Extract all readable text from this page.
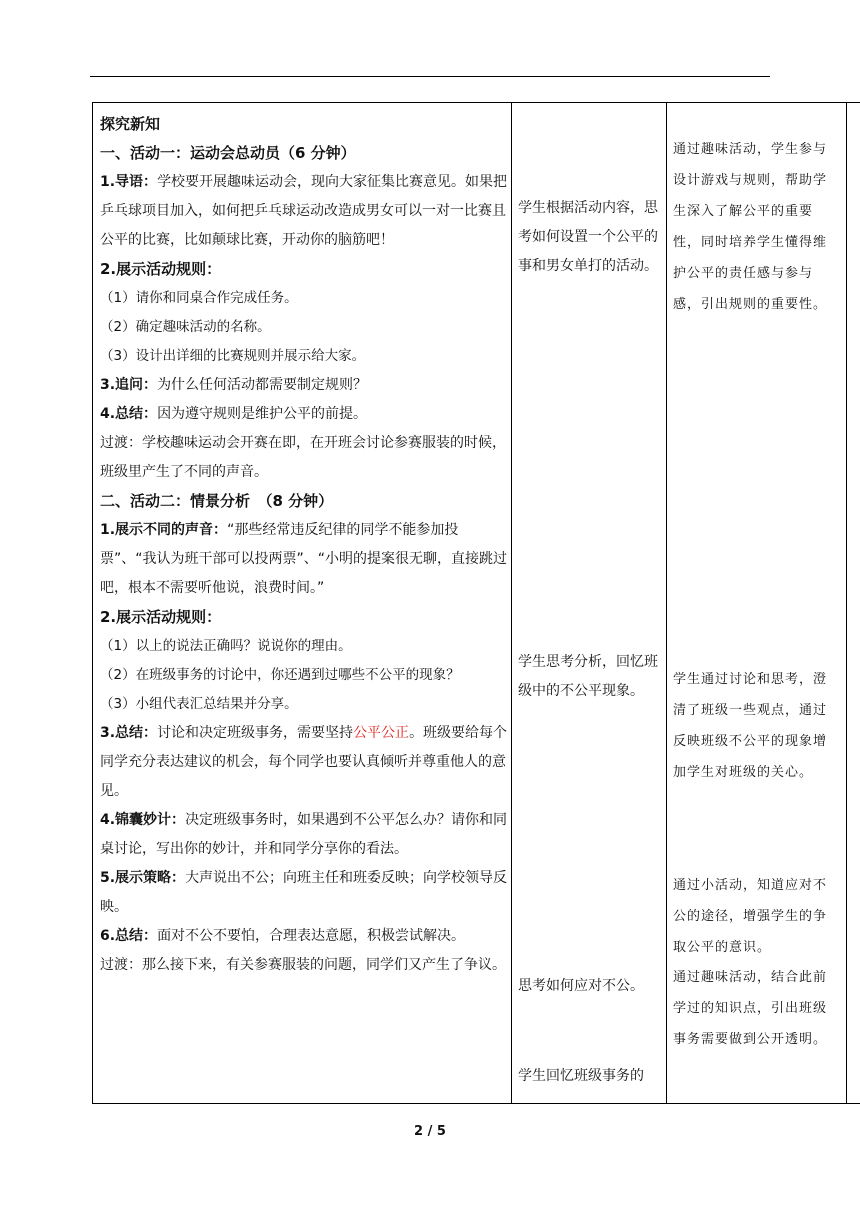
探究新知

一、活动一：运动会总动员（6 分钟）

1.导语：学校要开展趣味运动会，现向大家征集比赛意见。如果把乒乓球项目加入，如何把乒乓球运动改造成男女可以一对一比赛且公平的比赛，比如颠球比赛，开动你的脑筋吧！

2.展示活动规则：

（1）请你和同桌合作完成任务。

（2）确定趣味活动的名称。

（3）设计出详细的比赛规则并展示给大家。

3.追问：为什么任何活动都需要制定规则？

4.总结：因为遵守规则是维护公平的前提。

过渡：学校趣味运动会开赛在即，在开班会讨论参赛服装的时候，班级里产生了不同的声音。

二、活动二：情景分析　（8 分钟）

1.展示不同的声音：“那些经常违反纪律的同学不能参加投票”、“我认为班干部可以投两票”、“小明的提案很无聊，直接跳过吧，根本不需要听他说，浪费时间。”

2.展示活动规则：

（1）以上的说法正确吗？说说你的理由。

（2）在班级事务的讨论中，你还遇到过哪些不公平的现象？

（3）小组代表汇总结果并分享。

3.总结：讨论和决定班级事务，需要坚持公平公正。班级要给每个同学充分表达建议的机会，每个同学也要认真倾听并尊重他人的意见。

4.锦囊妙计：决定班级事务时，如果遇到不公平怎么办？请你和同桌讨论，写出你的妙计，并和同学分享你的看法。

5.展示策略：大声说出不公；向班主任和班委反映；向学校领导反映。

6.总结：面对不公不要怕，合理表达意愿，积极尝试解决。

过渡：那么接下来，有关参赛服装的问题，同学们又产生了争议。

学生根据活动内容，思考如何设置一个公平的事和男女单打的活动。

学生思考分析，回忆班级中的不公平现象。

思考如何应对不公。

学生回忆班级事务的

通过趣味活动，学生参与设计游戏与规则，帮助学生深入了解公平的重要性，同时培养学生懂得维护公平的责任感与参与感，引出规则的重要性。

学生通过讨论和思考，澄清了班级一些观点，通过反映班级不公平的现象增加学生对班级的关心。

通过小活动，知道应对不公的途径，增强学生的争取公平的意识。

通过趣味活动，结合此前学过的知识点，引出班级事务需要做到公开透明。

2 / 5
